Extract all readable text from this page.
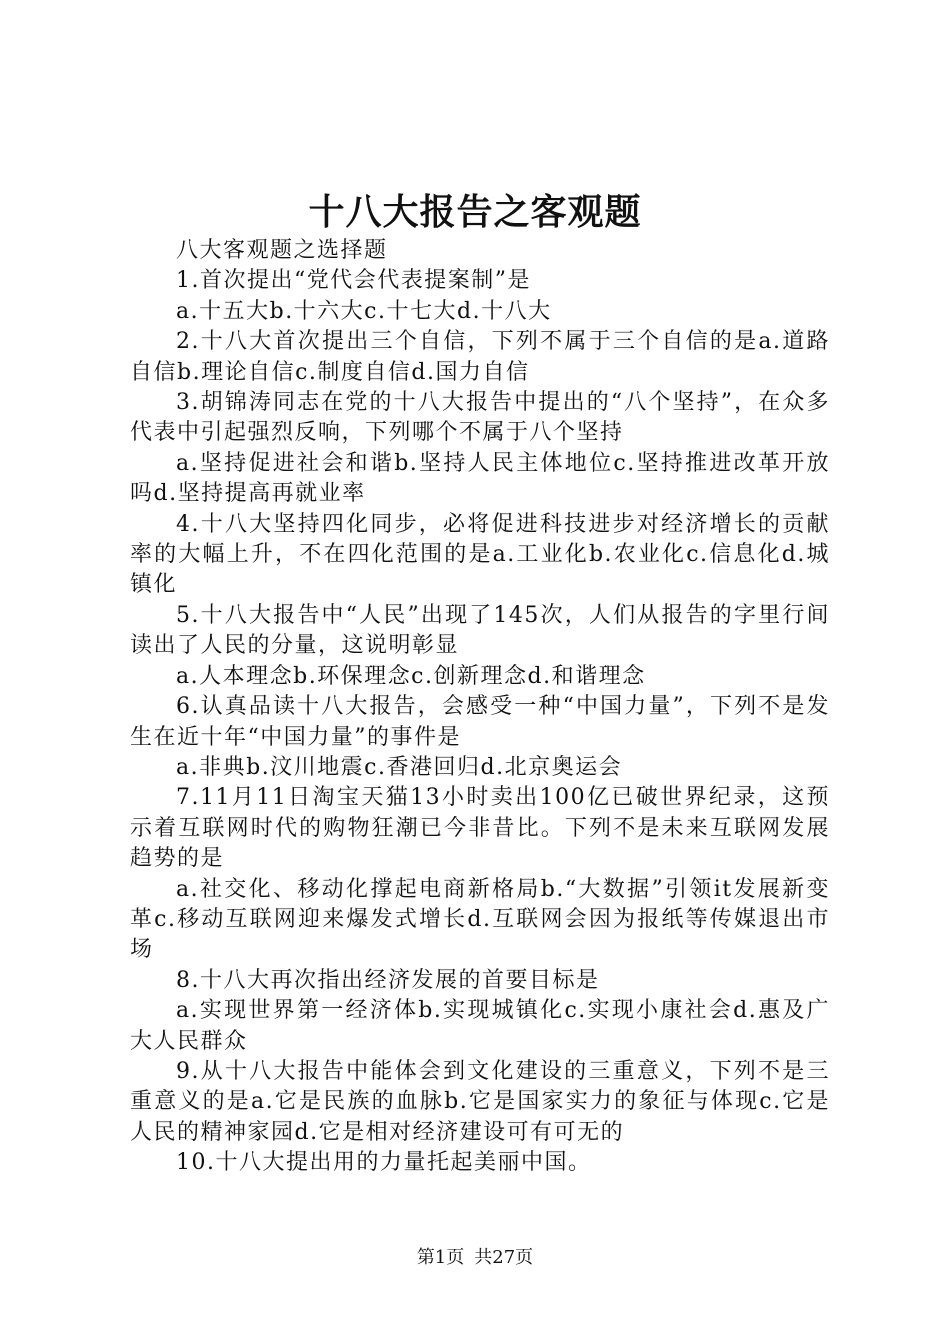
十八大报告之客观题

八大客观题之选择题

1.首次提出“党代会代表提案制”是

a.十五大b.十六大c.十七大d.十八大

2.十八大首次提出三个自信，下列不属于三个自信的是a.道路自信b.理论自信c.制度自信d.国力自信

3.胡锦涛同志在党的十八大报告中提出的“八个坚持”，在众多代表中引起强烈反响，下列哪个不属于八个坚持

a.坚持促进社会和谐b.坚持人民主体地位c.坚持推进改革开放吗d.坚持提高再就业率

4.十八大坚持四化同步，必将促进科技进步对经济增长的贡献率的大幅上升，不在四化范围的是a.工业化b.农业化c.信息化d.城镇化

5.十八大报告中“人民”出现了145次，人们从报告的字里行间读出了人民的分量，这说明彰显

a.人本理念b.环保理念c.创新理念d.和谐理念

6.认真品读十八大报告，会感受一种“中国力量”，下列不是发生在近十年“中国力量”的事件是

a.非典b.汶川地震c.香港回归d.北京奥运会

7.11月11日淘宝天猫13小时卖出100亿已破世界纪录，这预示着互联网时代的购物狂潮已今非昔比。下列不是未来互联网发展趋势的是

a.社交化、移动化撑起电商新格局b.“大数据”引领it发展新变革c.移动互联网迎来爆发式增长d.互联网会因为报纸等传媒退出市场

8.十八大再次指出经济发展的首要目标是

a.实现世界第一经济体b.实现城镇化c.实现小康社会d.惠及广大人民群众

9.从十八大报告中能体会到文化建设的三重意义，下列不是三重意义的是a.它是民族的血脉b.它是国家实力的象征与体现c.它是人民的精神家园d.它是相对经济建设可有可无的

10.十八大提出用的力量托起美丽中国。

第1页 共27页
